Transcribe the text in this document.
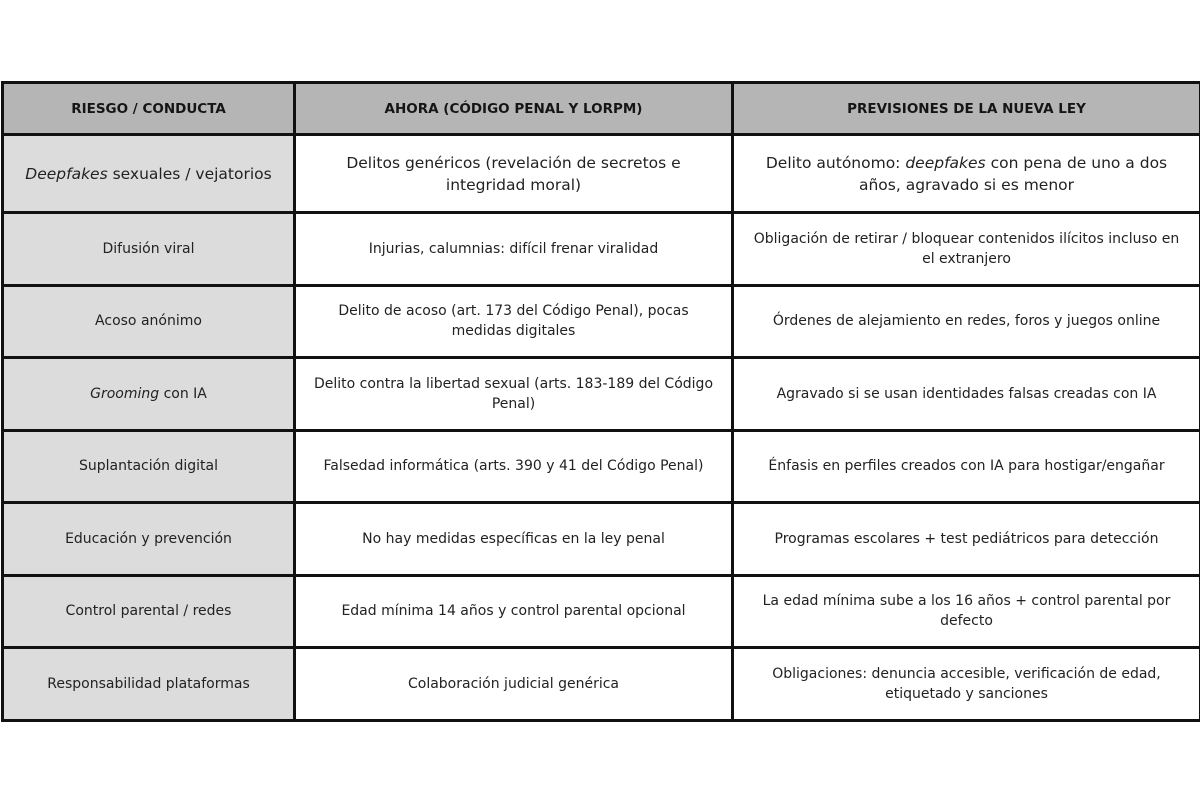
RIESGO / CONDUCTA	AHORA (CÓDIGO PENAL Y LORPM)	PREVISIONES DE LA NUEVA LEY
Deepfakes sexuales / vejatorios	Delitos genéricos (revelación de secretos e integridad moral)	Delito autónomo: deepfakes con pena de uno a dos años, agravado si es menor
Difusión viral	Injurias, calumnias: difícil frenar viralidad	Obligación de retirar / bloquear contenidos ilícitos incluso en el extranjero
Acoso anónimo	Delito de acoso (art. 173 del Código Penal), pocas medidas digitales	Órdenes de alejamiento en redes, foros y juegos online
Grooming con IA	Delito contra la libertad sexual (arts. 183-189 del Código Penal)	Agravado si se usan identidades falsas creadas con IA
Suplantación digital	Falsedad informática (arts. 390 y 41 del Código Penal)	Énfasis en perfiles creados con IA para hostigar/engañar
Educación y prevención	No hay medidas específicas en la ley penal	Programas escolares + test pediátricos para detección
Control parental / redes	Edad mínima 14 años y control parental opcional	La edad mínima sube a los 16 años + control parental por defecto
Responsabilidad plataformas	Colaboración judicial genérica	Obligaciones: denuncia accesible, verificación de edad, etiquetado y sanciones
